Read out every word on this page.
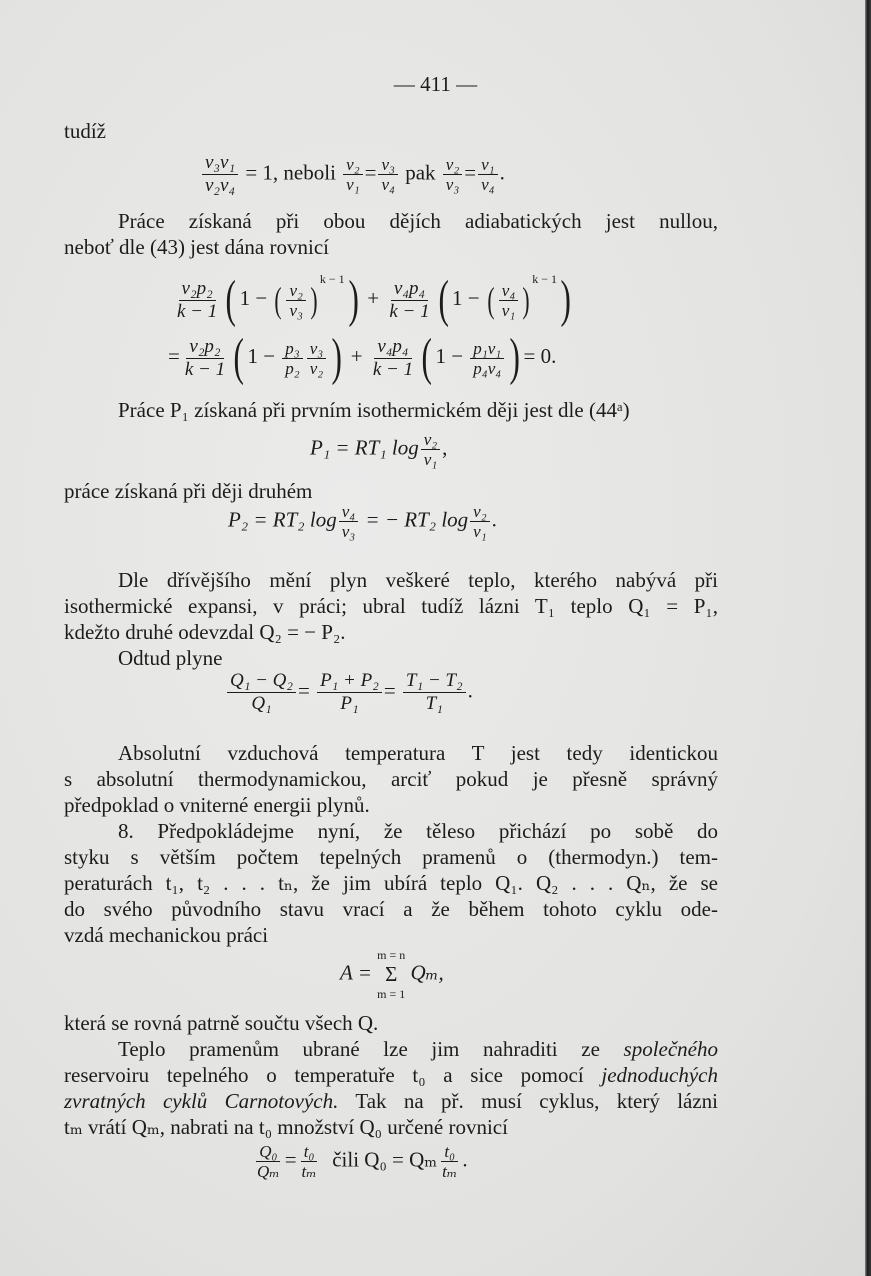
— 411 —
tudíž
$\frac{\text{v₃v₁}}{\text{v₂v₄}} = 1$, neboli $\frac{\text{v₂}}{\text{v₁}} = \frac{\text{v₃}}{\text{v₄}}$ pak $\frac{\text{v₂}}{\text{v₃}} = \frac{\text{v₁}}{\text{v₄}}$ .
Práce získaná při obou dějích adiabatických jest nullou,
neboť dle (43) jest dána rovnicí
$\frac{\text{v₂p₂}}{k - 1}$ ( 1 − ( $\frac{\text{v₂}}{\text{v₃}} )^{k - 1}) + \frac{\text{v₄p₄}}{k - 1}$ ( 1 − ( $\frac{\text{v₄}}{\text{v₁}} )^{k - 1}$)
= $\frac{\text{v₂p₂}}{k - 1}$ ( $1 - \frac{\text{p₃}}{\text{p₂}} \frac{\text{v₃}}{\text{v₂}}$ ) + $\frac{\text{v₄p₄}}{k - 1}$ ( $1 - \frac{\text{p₁v₁}}{\text{p₄v₄}}$ ) = 0.
Práce P₁ získaná při prvním isothermickém ději jest dle (44ᵃ)
P₁ = RT₁ $\log \frac{\text{v₂}}{\text{v₁}}$ ,
práce získaná při ději druhém
P₂ = RT₂ $\log \frac{\text{v₄}}{\text{v₃}}$ = − RT₂ $\log \frac{\text{v₂}}{\text{v₁}}$ .
Dle dřívějšího mění plyn veškeré teplo, kterého nabývá při
isothermické expansi, v práci; ubral tudíž lázni T₁ teplo Q₁ = P₁,
kdežto druhé odevzdal Q₂ = − P₂.
Odtud plyne
$\frac{\text{Q₁ − Q₂}}{\text{Q₁}} = \frac{\text{P₁ + P₂}}{\text{P₁}} = \frac{\text{T₁ − T₂}}{\text{T₁}}$ .
Absolutní vzduchová temperatura T jest tedy identickou
s absolutní thermodynamickou, arciť pokud je přesně správný
předpoklad o vniterné energii plynů.
8. Předpokládejme nyní, že těleso přichází po sobě do
styku s větším počtem tepelných pramenů o (thermodyn.) tem-
peraturách t₁, t₂ . . . tₙ, že jim ubírá teplo Q₁. Q₂ . . . Qₙ, že se
do svého původního stavu vrací a že během tohoto cyklu ode-
vzdá mechanickou práci
A =
m = n
Σ
m = 1
Qₘ,
která se rovná patrně součtu všech Q.
Teplo pramenům ubrané lze jim nahraditi ze společného
reservoiru tepelného o temperatuře t₀ a sice pomocí jednoduchých
zvratných cyklů Carnotových. Tak na př. musí cyklus, který lázni
tₘ vrátí Qₘ, nabrati na t₀ množství Q₀ určené rovnicí
$\frac{\text{Q₀}}{\text{Qₘ}} = \frac{\text{t₀}}{\text{tₘ}}$ čili Q₀ = Qₘ $\frac{\text{t₀}}{\text{tₘ}}$ .
